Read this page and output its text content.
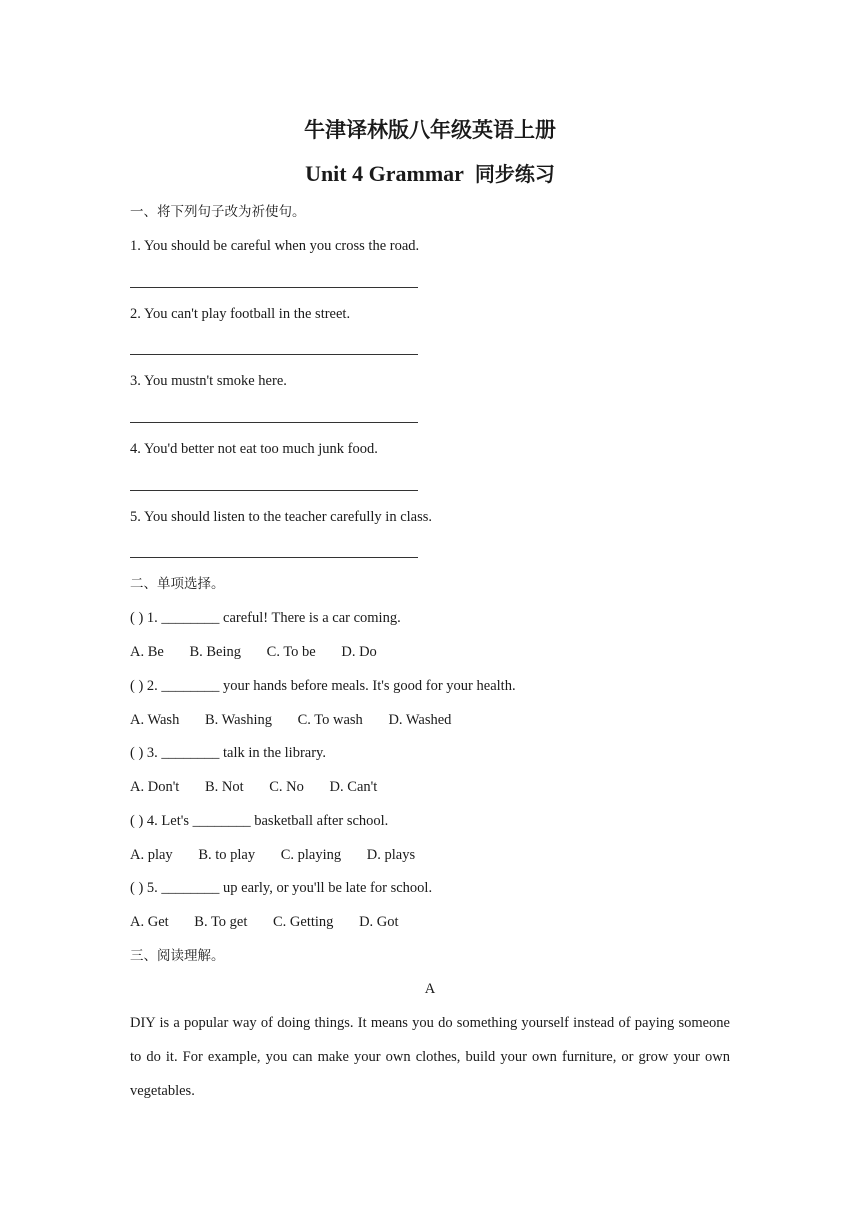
牛津译林版八年级英语上册
Unit 4 Grammar 同步练习
一、将下列句子改为祈使句。
1. You should be careful when you cross the road.
2. You can't play football in the street.
3. You mustn't smoke here.
4. You'd better not eat too much junk food.
5. You should listen to the teacher carefully in class.
二、单项选择。
( ) 1. ________ careful! There is a car coming.
A. Be B. Being C. To be D. Do
( ) 2. ________ your hands before meals. It's good for your health.
A. Wash B. Washing C. To wash D. Washed
( ) 3. ________ talk in the library.
A. Don't B. Not C. No D. Can't
( ) 4. Let's ________ basketball after school.
A. play B. to play C. playing D. plays
( ) 5. ________ up early, or you'll be late for school.
A. Get B. To get C. Getting D. Got
三、阅读理解。
A
DIY is a popular way of doing things. It means you do something yourself instead of paying someone to do it. For example, you can make your own clothes, build your own furniture, or grow your own vegetables.
